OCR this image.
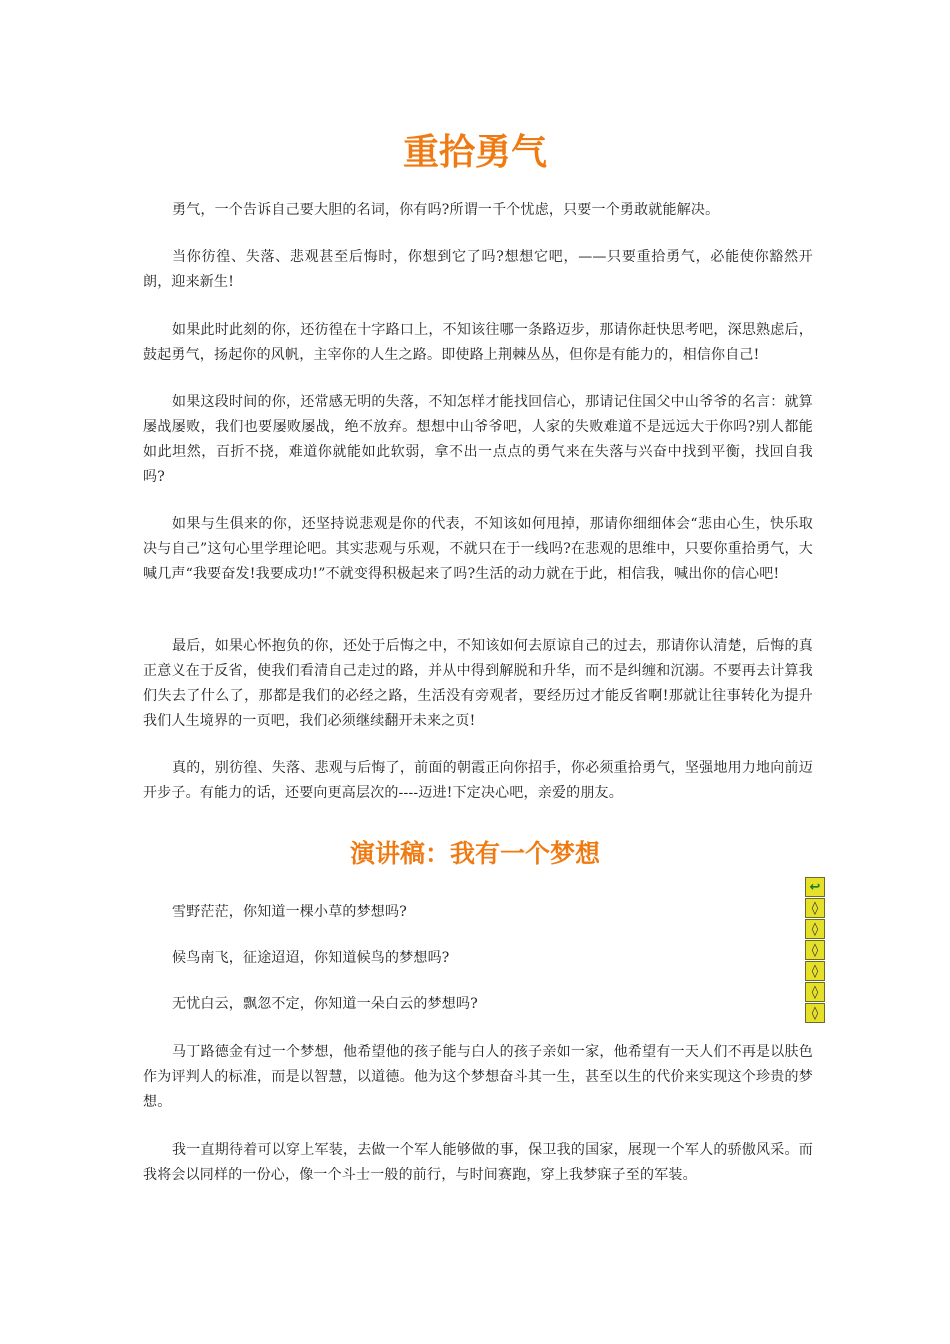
重拾勇气

勇气，一个告诉自己要大胆的名词，你有吗?所谓一千个忧虑，只要一个勇敢就能解决。

当你彷徨、失落、悲观甚至后悔时，你想到它了吗?想想它吧，——只要重拾勇气，必能使你豁然开朗，迎来新生!

如果此时此刻的你，还彷徨在十字路口上，不知该往哪一条路迈步，那请你赶快思考吧，深思熟虑后，鼓起勇气，扬起你的风帆，主宰你的人生之路。即使路上荆棘丛丛，但你是有能力的，相信你自己!

如果这段时间的你，还常感无明的失落，不知怎样才能找回信心，那请记住国父中山爷爷的名言：就算屡战屡败，我们也要屡败屡战，绝不放弃。想想中山爷爷吧，人家的失败难道不是远远大于你吗?别人都能如此坦然，百折不挠，难道你就能如此软弱，拿不出一点点的勇气来在失落与兴奋中找到平衡，找回自我吗?

如果与生俱来的你，还坚持说悲观是你的代表，不知该如何甩掉，那请你细细体会“悲由心生，快乐取决与自己”这句心里学理论吧。其实悲观与乐观，不就只在于一线吗?在悲观的思维中，只要你重拾勇气，大喊几声“我要奋发!我要成功!”不就变得积极起来了吗?生活的动力就在于此，相信我，喊出你的信心吧!

最后，如果心怀抱负的你，还处于后悔之中，不知该如何去原谅自己的过去，那请你认清楚，后悔的真正意义在于反省，使我们看清自己走过的路，并从中得到解脱和升华，而不是纠缠和沉溺。不要再去计算我们失去了什么了，那都是我们的必经之路，生活没有旁观者，要经历过才能反省啊!那就让往事转化为提升我们人生境界的一页吧，我们必须继续翻开未来之页!

真的，别彷徨、失落、悲观与后悔了，前面的朝霞正向你招手，你必须重拾勇气，坚强地用力地向前迈开步子。有能力的话，还要向更高层次的----迈进!下定决心吧，亲爱的朋友。

演讲稿：我有一个梦想

雪野茫茫，你知道一棵小草的梦想吗?

候鸟南飞，征途迢迢，你知道候鸟的梦想吗?

无忧白云，飘忽不定，你知道一朵白云的梦想吗?

马丁路德金有过一个梦想，他希望他的孩子能与白人的孩子亲如一家，他希望有一天人们不再是以肤色作为评判人的标准，而是以智慧，以道德。他为这个梦想奋斗其一生，甚至以生的代价来实现这个珍贵的梦想。

我一直期待着可以穿上军装，去做一个军人能够做的事，保卫我的国家，展现一个军人的骄傲风采。而我将会以同样的一份心，像一个斗士一般的前行，与时间赛跑，穿上我梦寐子至的军装。

↩
◊
◊
◊
◊
◊
◊
